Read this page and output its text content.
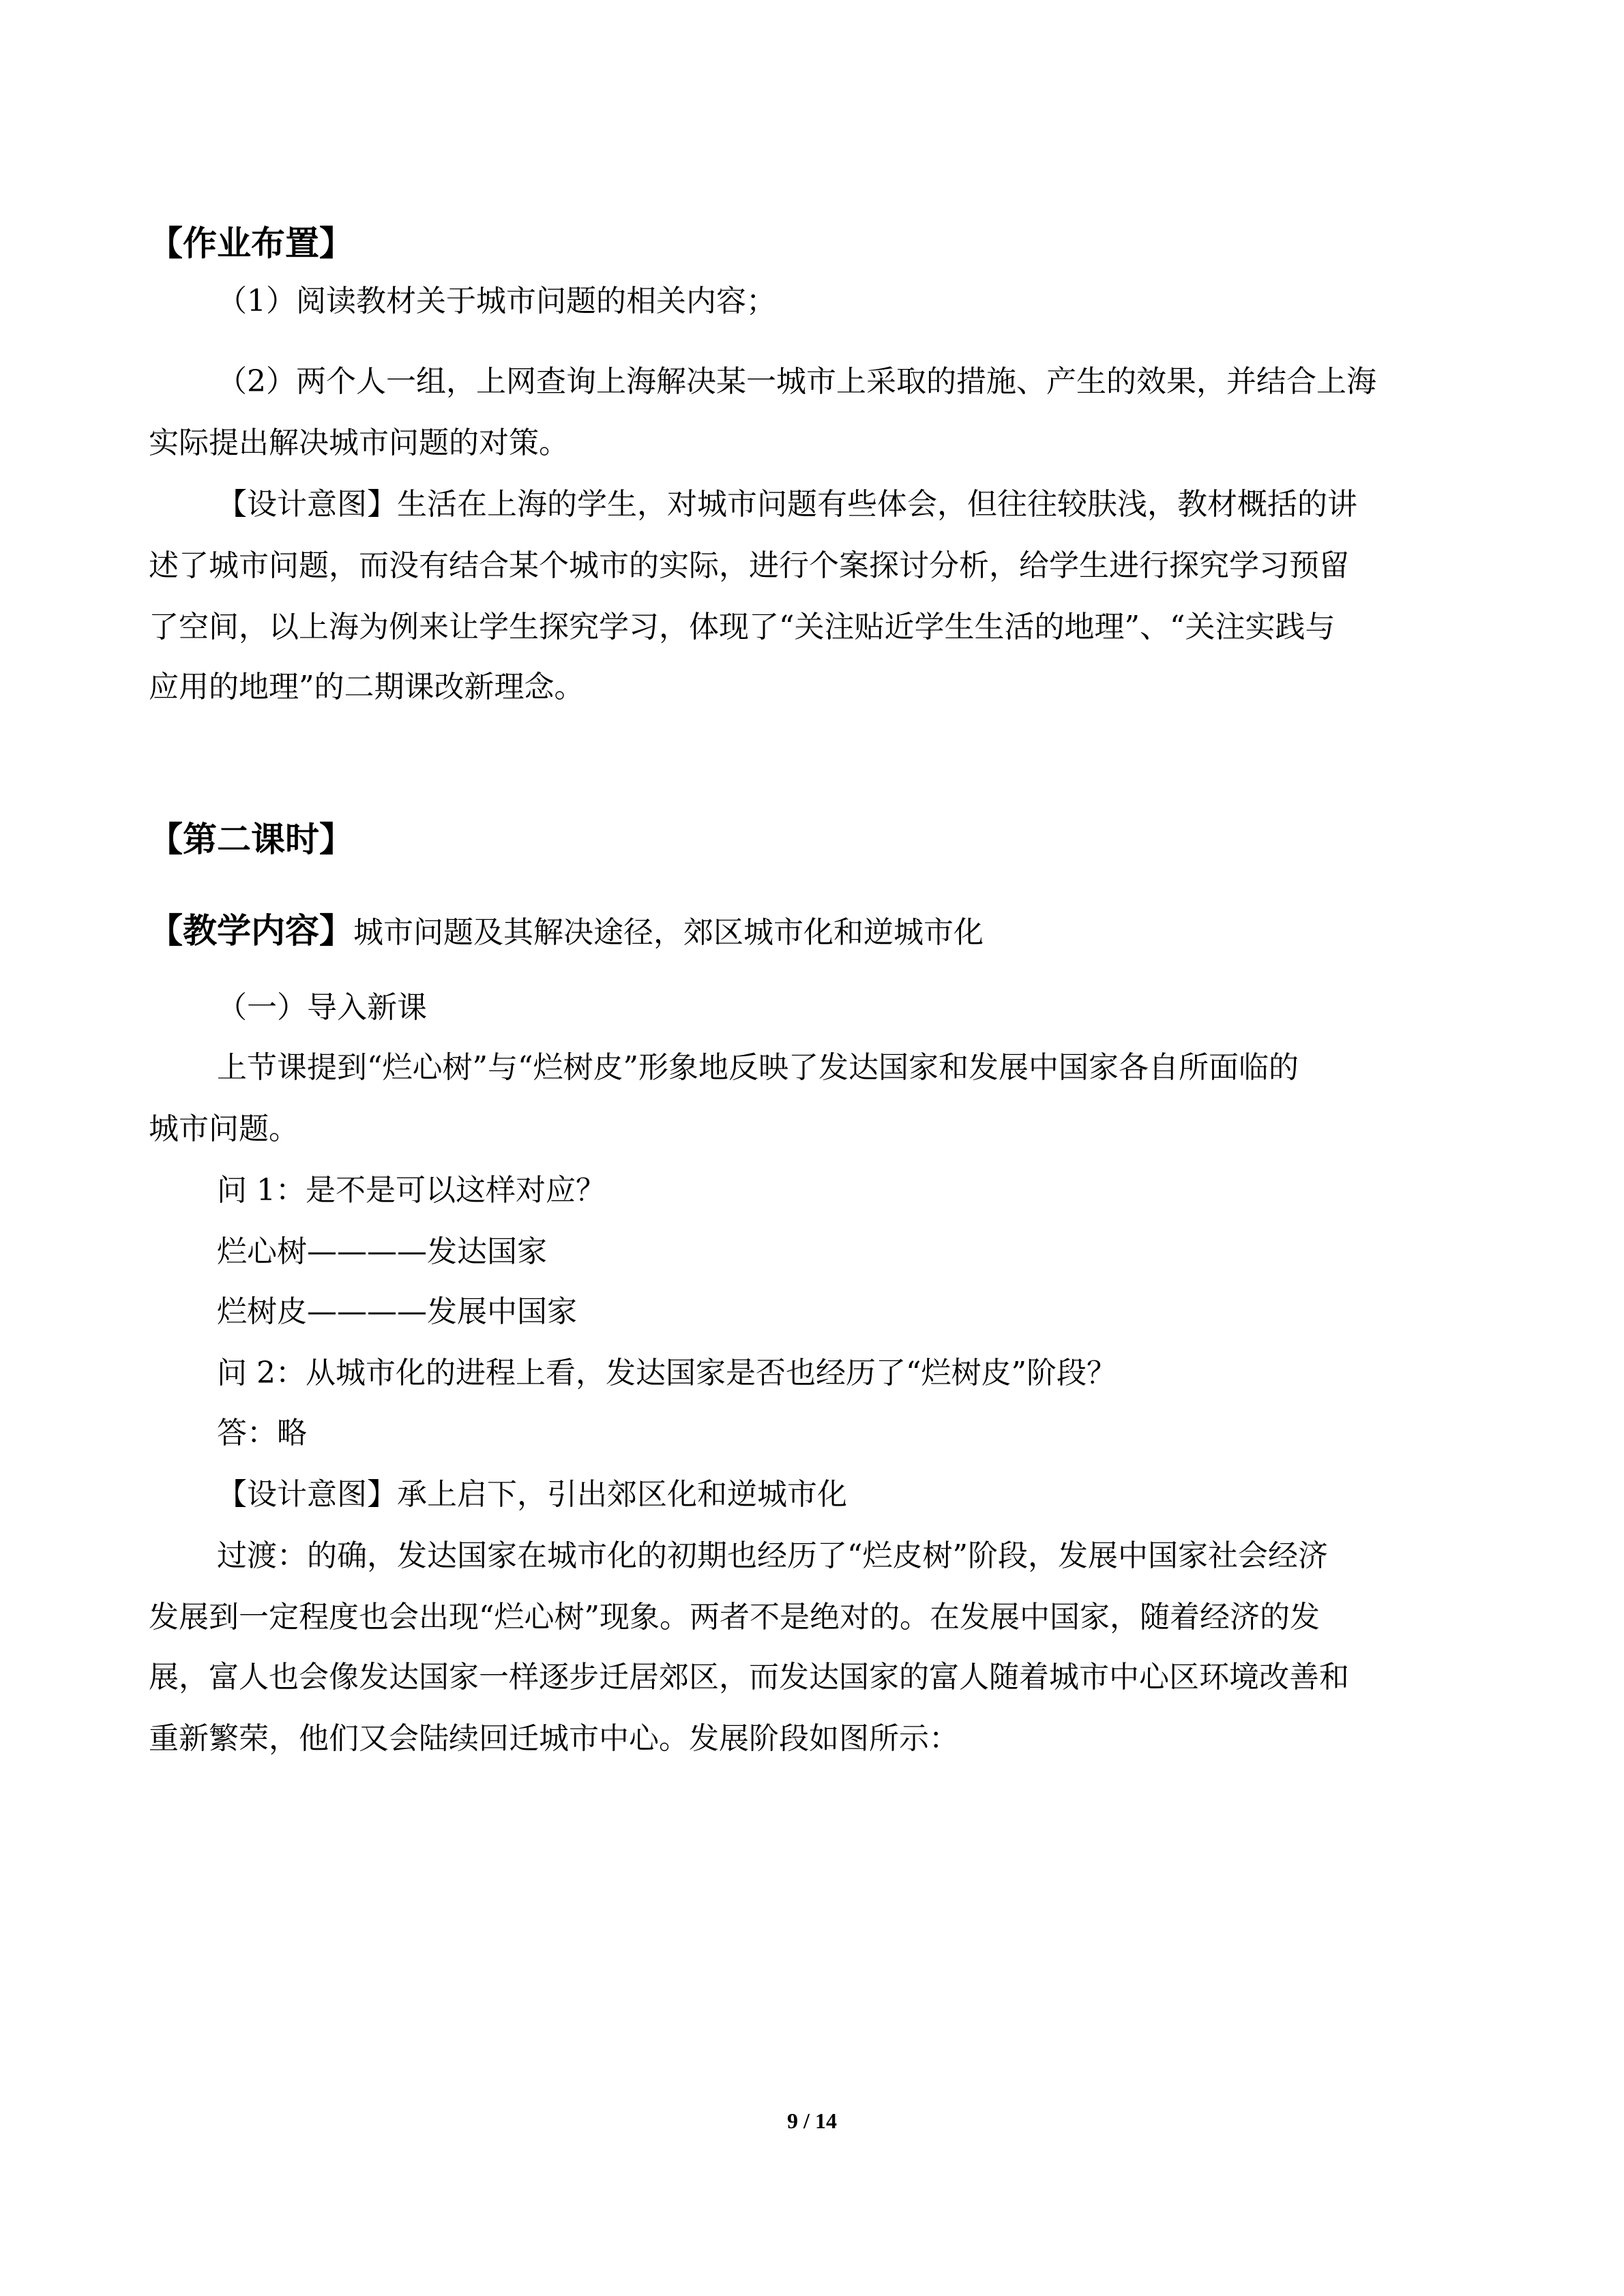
【作业布置】
（1）阅读教材关于城市问题的相关内容；
（2）两个人一组，上网查询上海解决某一城市上采取的措施、产生的效果，并结合上海
实际提出解决城市问题的对策。
【设计意图】生活在上海的学生，对城市问题有些体会，但往往较肤浅，教材概括的讲
述了城市问题，而没有结合某个城市的实际，进行个案探讨分析，给学生进行探究学习预留
了空间，以上海为例来让学生探究学习，体现了“关注贴近学生生活的地理”、“关注实践与
应用的地理”的二期课改新理念。
【第二课时】
【教学内容】城市问题及其解决途径，郊区城市化和逆城市化
（一）导入新课
上节课提到“烂心树”与“烂树皮”形象地反映了发达国家和发展中国家各自所面临的
城市问题。
问 1：是不是可以这样对应？
烂心树————发达国家
烂树皮————发展中国家
问 2：从城市化的进程上看，发达国家是否也经历了“烂树皮”阶段？
答：略
【设计意图】承上启下，引出郊区化和逆城市化
过渡：的确，发达国家在城市化的初期也经历了“烂皮树”阶段，发展中国家社会经济
发展到一定程度也会出现“烂心树”现象。两者不是绝对的。在发展中国家，随着经济的发
展，富人也会像发达国家一样逐步迁居郊区，而发达国家的富人随着城市中心区环境改善和
重新繁荣，他们又会陆续回迁城市中心。发展阶段如图所示：
9 / 14
